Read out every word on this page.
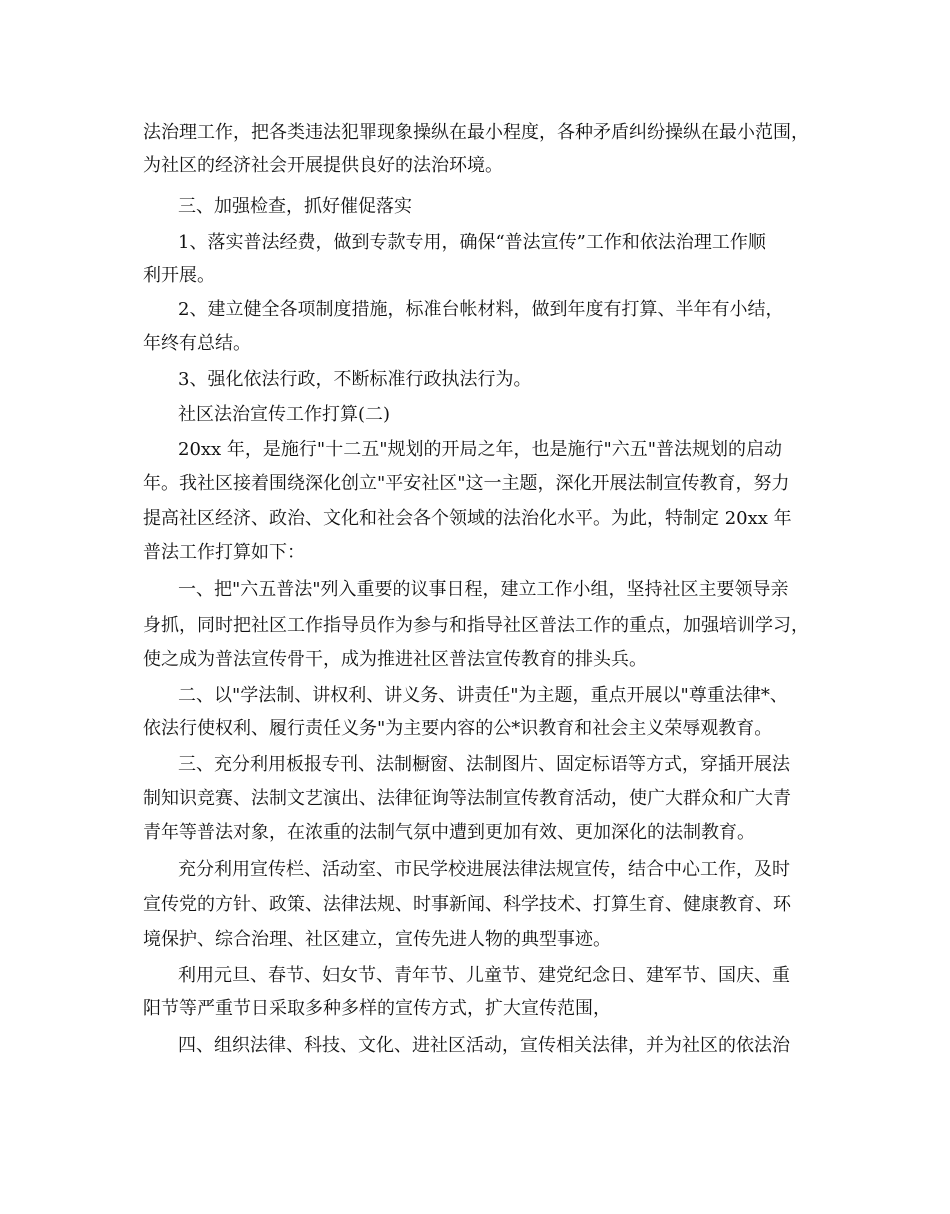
法治理工作，把各类违法犯罪现象操纵在最小程度，各种矛盾纠纷操纵在最小范围，
为社区的经济社会开展提供良好的法治环境。
三、加强检查，抓好催促落实
1、落实普法经费，做到专款专用，确保“普法宣传”工作和依法治理工作顺
利开展。
2、建立健全各项制度措施，标准台帐材料，做到年度有打算、半年有小结，
年终有总结。
3、强化依法行政，不断标准行政执法行为。
社区法治宣传工作打算(二)
20xx 年，是施行"十二五"规划的开局之年，也是施行"六五"普法规划的启动
年。我社区接着围绕深化创立"平安社区"这一主题，深化开展法制宣传教育，努力
提高社区经济、政治、文化和社会各个领域的法治化水平。为此，特制定 20xx 年
普法工作打算如下：
一、把"六五普法"列入重要的议事日程，建立工作小组，坚持社区主要领导亲
身抓，同时把社区工作指导员作为参与和指导社区普法工作的重点，加强培训学习，
使之成为普法宣传骨干，成为推进社区普法宣传教育的排头兵。
二、以"学法制、讲权利、讲义务、讲责任"为主题，重点开展以"尊重法律*、
依法行使权利、履行责任义务"为主要内容的公*识教育和社会主义荣辱观教育。
三、充分利用板报专刊、法制橱窗、法制图片、固定标语等方式，穿插开展法
制知识竞赛、法制文艺演出、法律征询等法制宣传教育活动，使广大群众和广大青
青年等普法对象，在浓重的法制气氛中遭到更加有效、更加深化的法制教育。
充分利用宣传栏、活动室、市民学校进展法律法规宣传，结合中心工作，及时
宣传党的方针、政策、法律法规、时事新闻、科学技术、打算生育、健康教育、环
境保护、综合治理、社区建立，宣传先进人物的典型事迹。
利用元旦、春节、妇女节、青年节、儿童节、建党纪念日、建军节、国庆、重
阳节等严重节日采取多种多样的宣传方式，扩大宣传范围，
四、组织法律、科技、文化、进社区活动，宣传相关法律，并为社区的依法治
